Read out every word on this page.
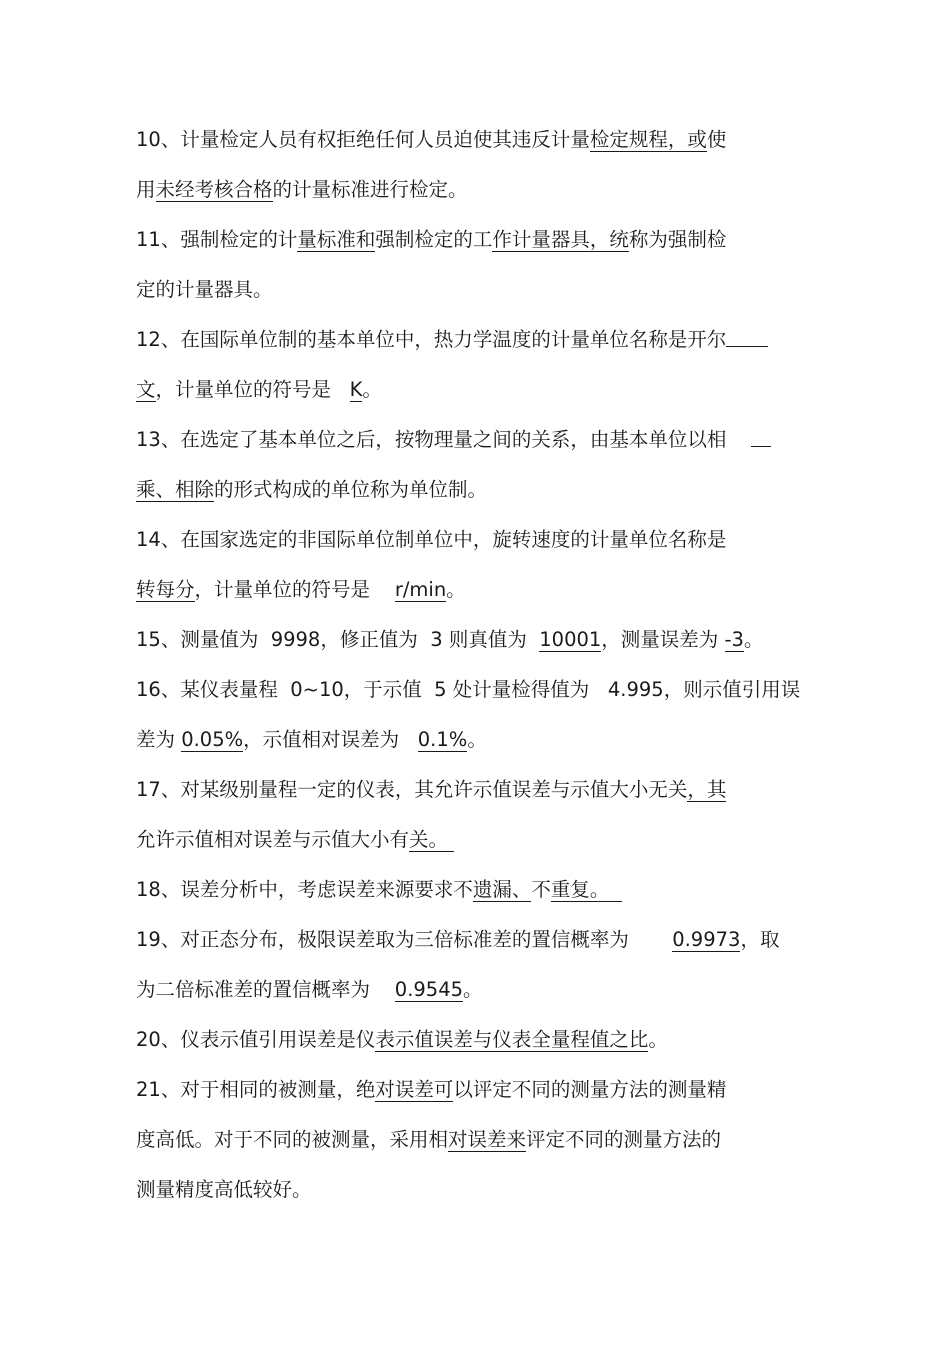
10、计量检定人员有权拒绝任何人员迫使其违反计量检定规程，或使
用未经考核合格的计量标准进行检定。
11、强制检定的计量标准和强制检定的工作计量器具，统称为强制检
定的计量器具。
12、在国际单位制的基本单位中，热力学温度的计量单位名称是开尔
文，计量单位的符号是   K。
13、在选定了基本单位之后，按物理量之间的关系，由基本单位以相
乘、相除的形式构成的单位称为单位制。
14、在国家选定的非国际单位制单位中，旋转速度的计量单位名称是
转每分，计量单位的符号是    r/min。
15、测量值为  9998，修正值为  3 则真值为  10001，测量误差为 -3。
16、某仪表量程  0~10，于示值  5 处计量检得值为   4.995，则示值引用误
差为 0.05%，示值相对误差为   0.1%。
17、对某级别量程一定的仪表，其允许示值误差与示值大小无关，其
允许示值相对误差与示值大小有关。
18、误差分析中，考虑误差来源要求不遗漏、不重复。
19、对正态分布，极限误差取为三倍标准差的置信概率为       0.9973，取
为二倍标准差的置信概率为    0.9545。
20、仪表示值引用误差是仪表示值误差与仪表全量程值之比。
21、对于相同的被测量，绝对误差可以评定不同的测量方法的测量精
度高低。对于不同的被测量，采用相对误差来评定不同的测量方法的
测量精度高低较好。
